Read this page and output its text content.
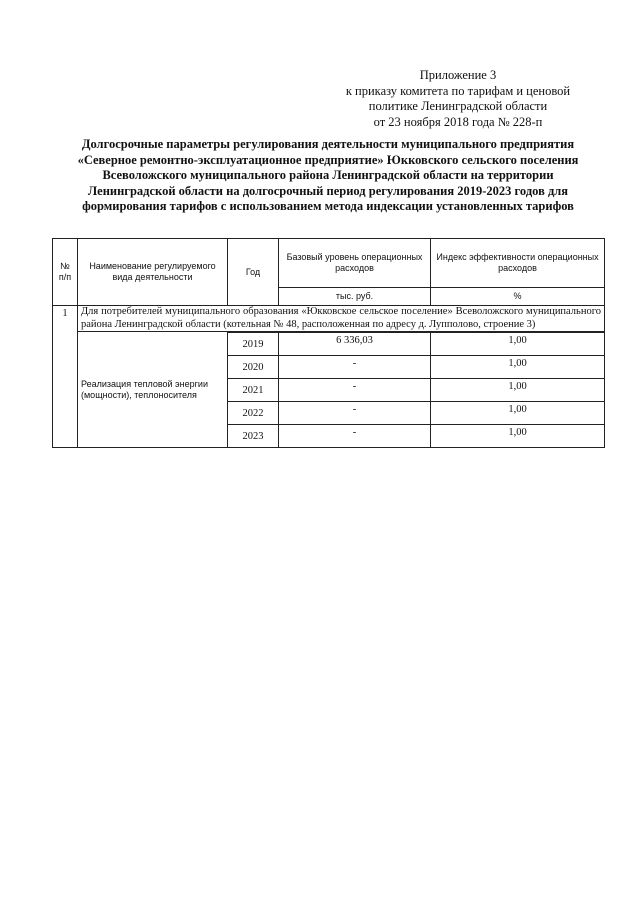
Приложение 3
к приказу комитета по тарифам и ценовой
политике Ленинградской области
от 23 ноября 2018 года № 228-п
Долгосрочные параметры регулирования деятельности муниципального предприятия
«Северное ремонтно-эксплуатационное предприятие» Юкковского сельского поселения
Всеволожского муниципального района Ленинградской области на территории
Ленинградской области на долгосрочный период регулирования 2019-2023 годов для
формирования тарифов с использованием метода индексации установленных тарифов
№ п/п	Наименование регулируемого вида деятельности	Год	Базовый уровень операционных расходов	Индекс эффективности операционных расходов
			тыс. руб.	%
1	Для потребителей муниципального образования «Юкковское сельское поселение» Всеволожского муниципального района Ленинградской области (котельная № 48, расположенная по адресу д. Лупполово, строение 3)			
	Реализация тепловой энергии (мощности), теплоносителя			
		2019	6 336,03	1,00
		2020	-	1,00
		2021	-	1,00
		2022	-	1,00
		2023	-	1,00
